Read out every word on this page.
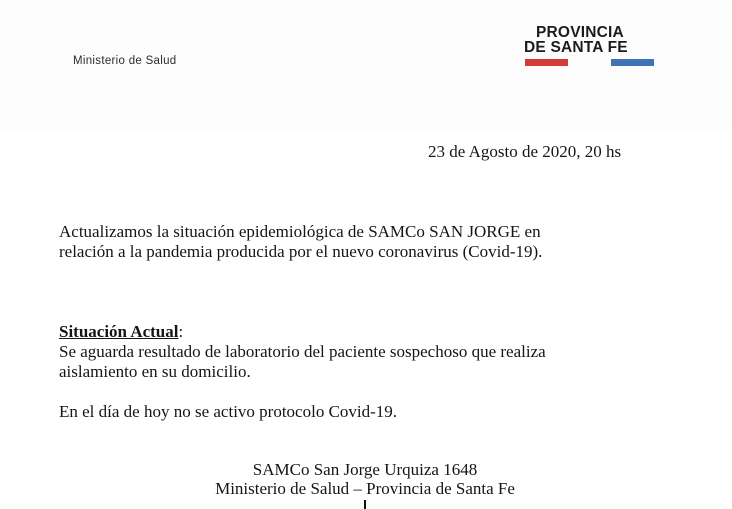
Ministerio de Salud
PROVINCIA
DE SANTA FE
23 de Agosto de 2020, 20 hs
Actualizamos la situación epidemiológica de SAMCo SAN JORGE en
relación a la pandemia producida por el nuevo coronavirus (Covid-19).
Situación Actual:
Se aguarda resultado de laboratorio del paciente sospechoso que realiza
aislamiento en su domicilio.
En el día de hoy no se activo protocolo Covid-19.
SAMCo San Jorge Urquiza 1648
Ministerio de Salud – Provincia de Santa Fe
